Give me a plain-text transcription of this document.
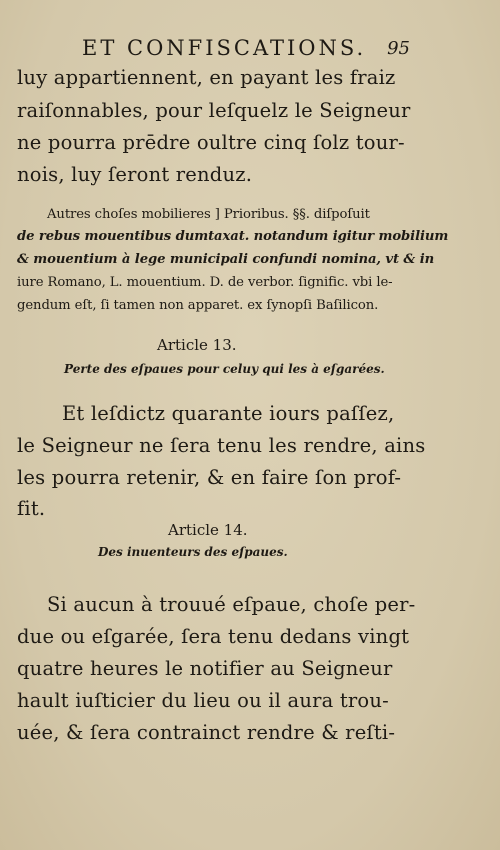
ET CONFISCATIONS. 95
luy appartiennent, en payant les fraiz
raiſonnables, pour leſquelz le Seigneur
ne pourra prēdre oultre cinq ſolz tour-
nois, luy ſeront renduz.
Autres choſes mobilieres ] Prioribus. §§. diſpoſuit
de rebus mouentibus dumtaxat. notandum igitur mobilium
& mouentium à lege municipali confundi nomina, vt & in
iure Romano, L. mouentium. D. de verbor. ſignific. vbi le-
gendum eſt, ſi tamen non apparet. ex ſynopſi Baſilicon.
Article 13.
Perte des eſpaues pour celuy qui les à eſgarées.
Et leſdictz quarante iours paſſez,
le Seigneur ne ſera tenu les rendre, ains
les pourra retenir, & en faire ſon prof-
fit.
Article 14.
Des inuenteurs des eſpaues.
Si aucun à trouué eſpaue, choſe per-
due ou eſgarée, ſera tenu dedans vingt
quatre heures le notifier au Seigneur
hault iuſticier du lieu ou il aura trou-
uée, & ſera contrainct rendre & reſti-
